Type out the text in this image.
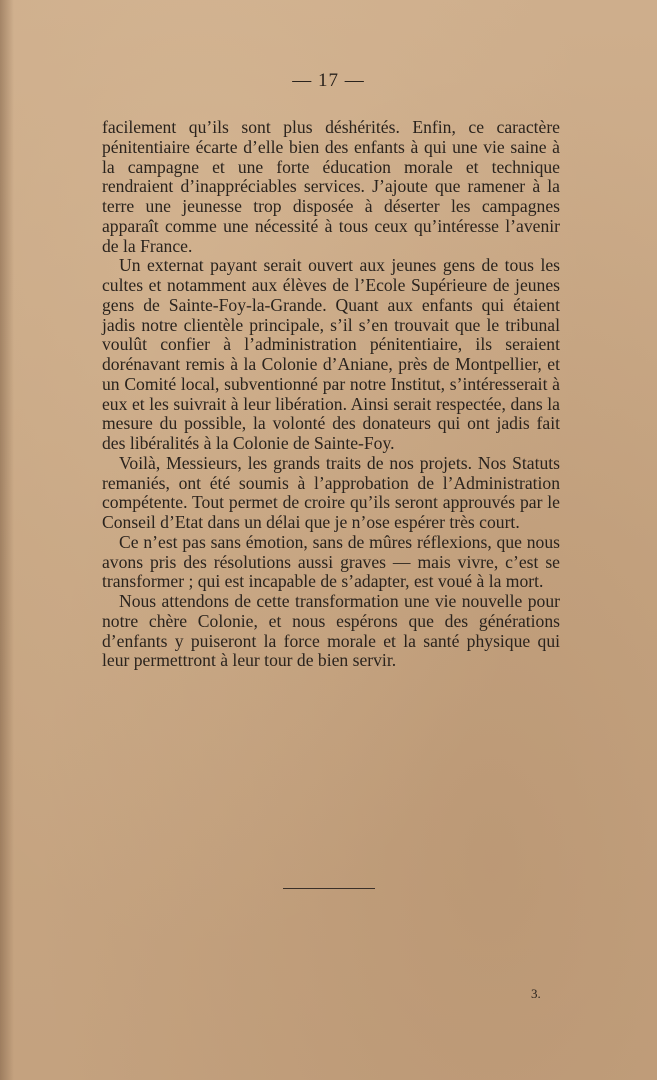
— 17 —

facilement qu’ils sont plus déshérités. Enfin, ce caractère pénitentiaire écarte d’elle bien des enfants à qui une vie saine à la campagne et une forte éducation morale et technique rendraient d’inappréciables services. J’ajoute que ramener à la terre une jeunesse trop disposée à déserter les campagnes apparaît comme une nécessité à tous ceux qu’intéresse l’avenir de la France.

Un externat payant serait ouvert aux jeunes gens de tous les cultes et notamment aux élèves de l’Ecole Supérieure de jeunes gens de Sainte-Foy-la-Grande. Quant aux enfants qui étaient jadis notre clientèle principale, s’il s’en trouvait que le tribunal voulût confier à l’administration pénitentiaire, ils seraient dorénavant remis à la Colonie d’Aniane, près de Montpellier, et un Comité local, subventionné par notre Institut, s’intéresserait à eux et les suivrait à leur libération. Ainsi serait respectée, dans la mesure du possible, la volonté des donateurs qui ont jadis fait des libéralités à la Colonie de Sainte-Foy.

Voilà, Messieurs, les grands traits de nos projets. Nos Statuts remaniés, ont été soumis à l’approbation de l’Administration compétente. Tout permet de croire qu’ils seront approuvés par le Conseil d’Etat dans un délai que je n’ose espérer très court.

Ce n’est pas sans émotion, sans de mûres réflexions, que nous avons pris des résolutions aussi graves — mais vivre, c’est se transformer ; qui est incapable de s’adapter, est voué à la mort.

Nous attendons de cette transformation une vie nouvelle pour notre chère Colonie, et nous espérons que des générations d’enfants y puiseront la force morale et la santé physique qui leur permettront à leur tour de bien servir.

3.
